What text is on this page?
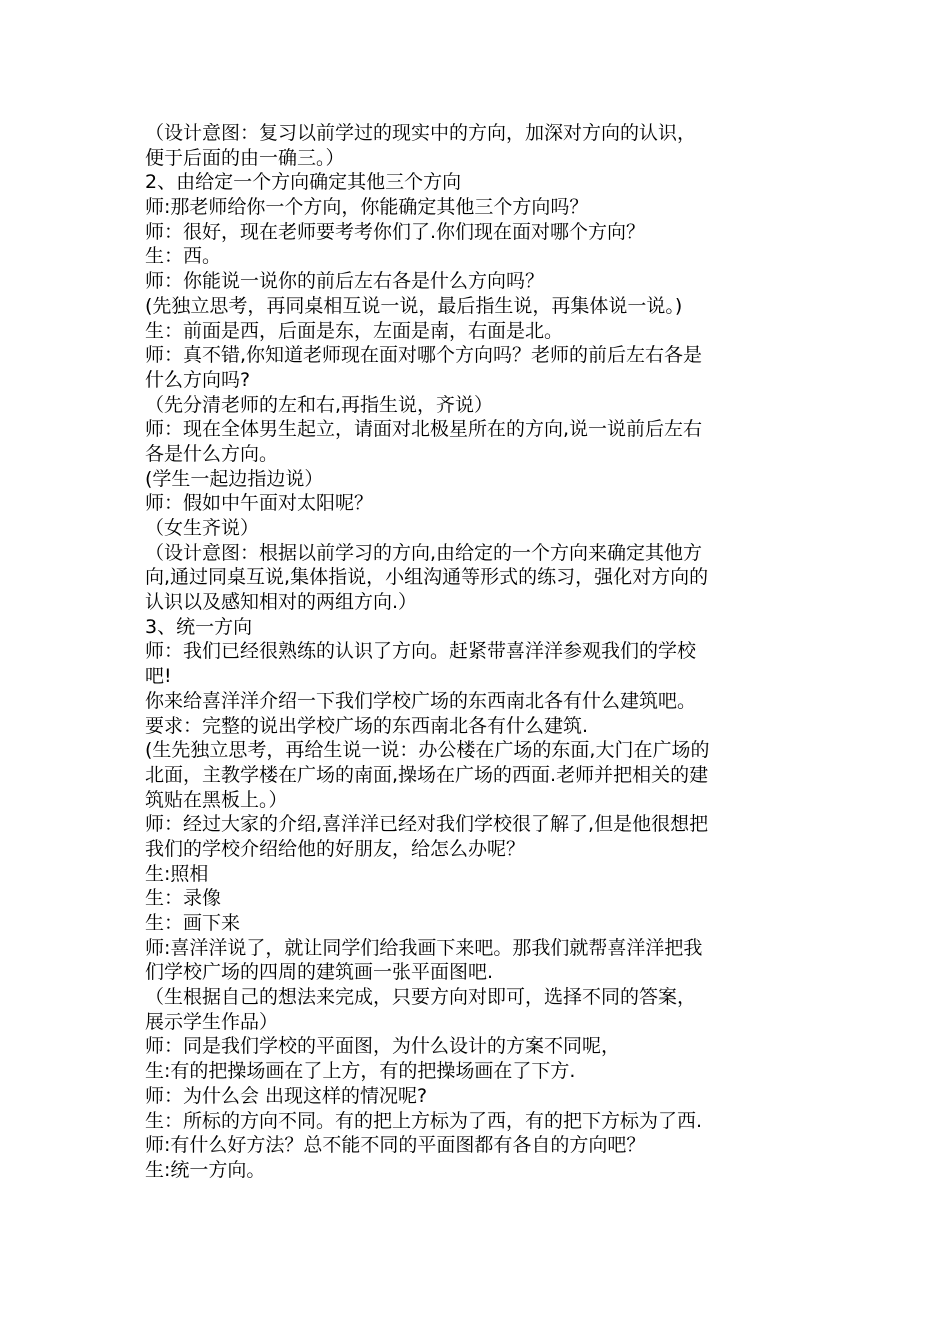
（设计意图：复习以前学过的现实中的方向，加深对方向的认识，
便于后面的由一确三。）
2、由给定一个方向确定其他三个方向
师:那老师给你一个方向，你能确定其他三个方向吗？
师：很好，现在老师要考考你们了.你们现在面对哪个方向？
生：西。
师：你能说一说你的前后左右各是什么方向吗？
(先独立思考，再同桌相互说一说，最后指生说，再集体说一说。)
生：前面是西，后面是东，左面是南，右面是北。
师：真不错,你知道老师现在面对哪个方向吗？老师的前后左右各是
什么方向吗?
（先分清老师的左和右,再指生说，齐说）
师：现在全体男生起立，请面对北极星所在的方向,说一说前后左右
各是什么方向。
(学生一起边指边说）
师：假如中午面对太阳呢？
（女生齐说）
（设计意图：根据以前学习的方向,由给定的一个方向来确定其他方
向,通过同桌互说,集体指说，小组沟通等形式的练习，强化对方向的
认识以及感知相对的两组方向.）
3、统一方向
师：我们已经很熟练的认识了方向。赶紧带喜洋洋参观我们的学校
吧!
你来给喜洋洋介绍一下我们学校广场的东西南北各有什么建筑吧。
要求：完整的说出学校广场的东西南北各有什么建筑.
(生先独立思考，再给生说一说：办公楼在广场的东面,大门在广场的
北面，主教学楼在广场的南面,操场在广场的西面.老师并把相关的建
筑贴在黑板上。）
师：经过大家的介绍,喜洋洋已经对我们学校很了解了,但是他很想把
我们的学校介绍给他的好朋友，给怎么办呢？
生:照相
生：录像
生：画下来
师:喜洋洋说了，就让同学们给我画下来吧。那我们就帮喜洋洋把我
们学校广场的四周的建筑画一张平面图吧.
（生根据自己的想法来完成，只要方向对即可，选择不同的答案，
展示学生作品）
师：同是我们学校的平面图，为什么设计的方案不同呢，
生:有的把操场画在了上方，有的把操场画在了下方.
师：为什么会 出现这样的情况呢?
生：所标的方向不同。有的把上方标为了西，有的把下方标为了西.
师:有什么好方法？总不能不同的平面图都有各自的方向吧？
生:统一方向。
